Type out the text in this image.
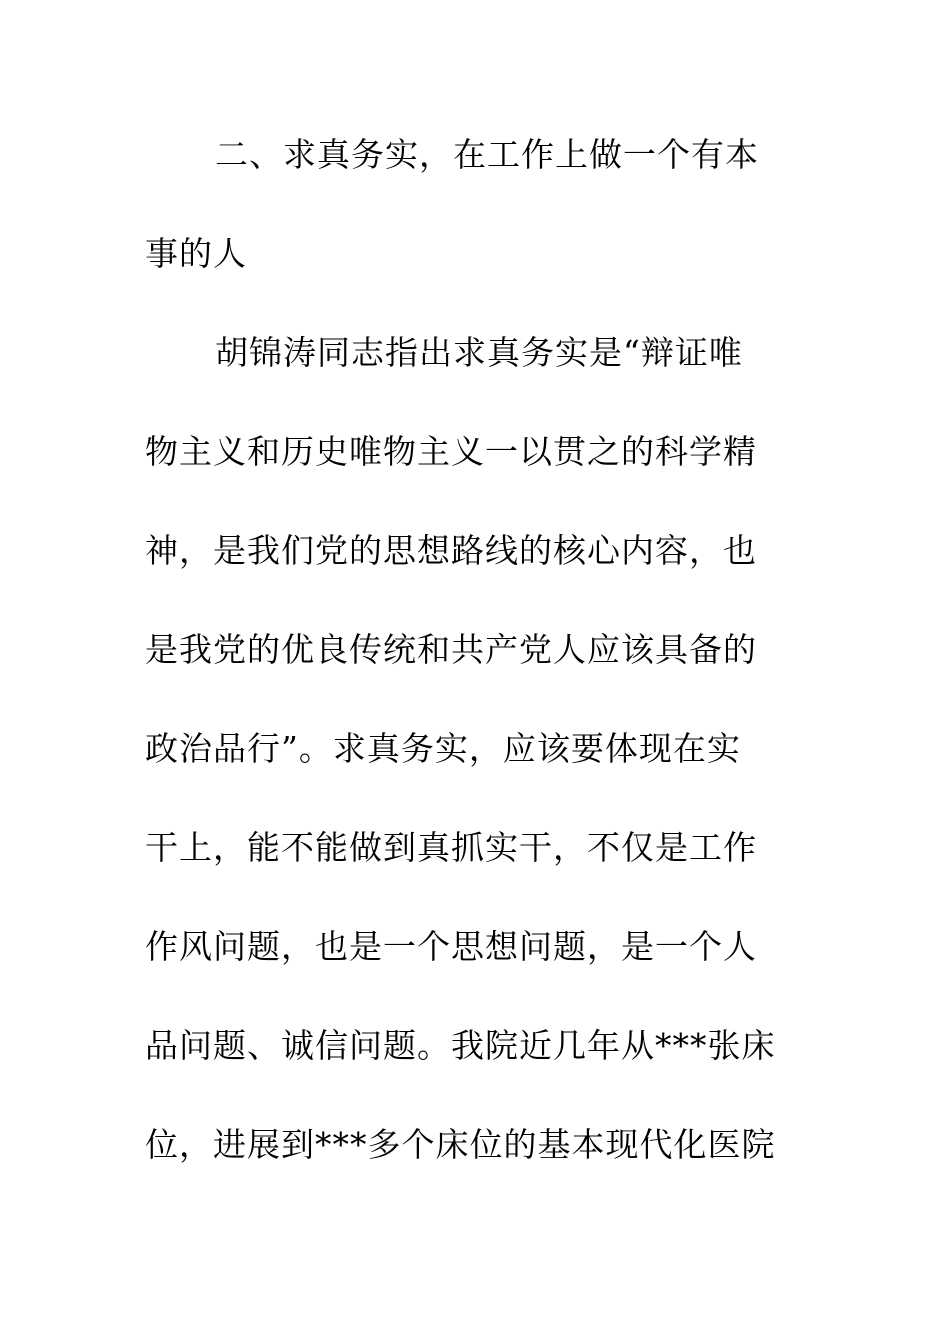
二、求真务实，在工作上做一个有本
事的人
胡锦涛同志指出求真务实是“辩证唯
物主义和历史唯物主义一以贯之的科学精
神，是我们党的思想路线的核心内容，也
是我党的优良传统和共产党人应该具备的
政治品行”。求真务实，应该要体现在实
干上，能不能做到真抓实干，不仅是工作
作风问题，也是一个思想问题，是一个人
品问题、诚信问题。我院近几年从***张床
位，进展到***多个床位的基本现代化医院
